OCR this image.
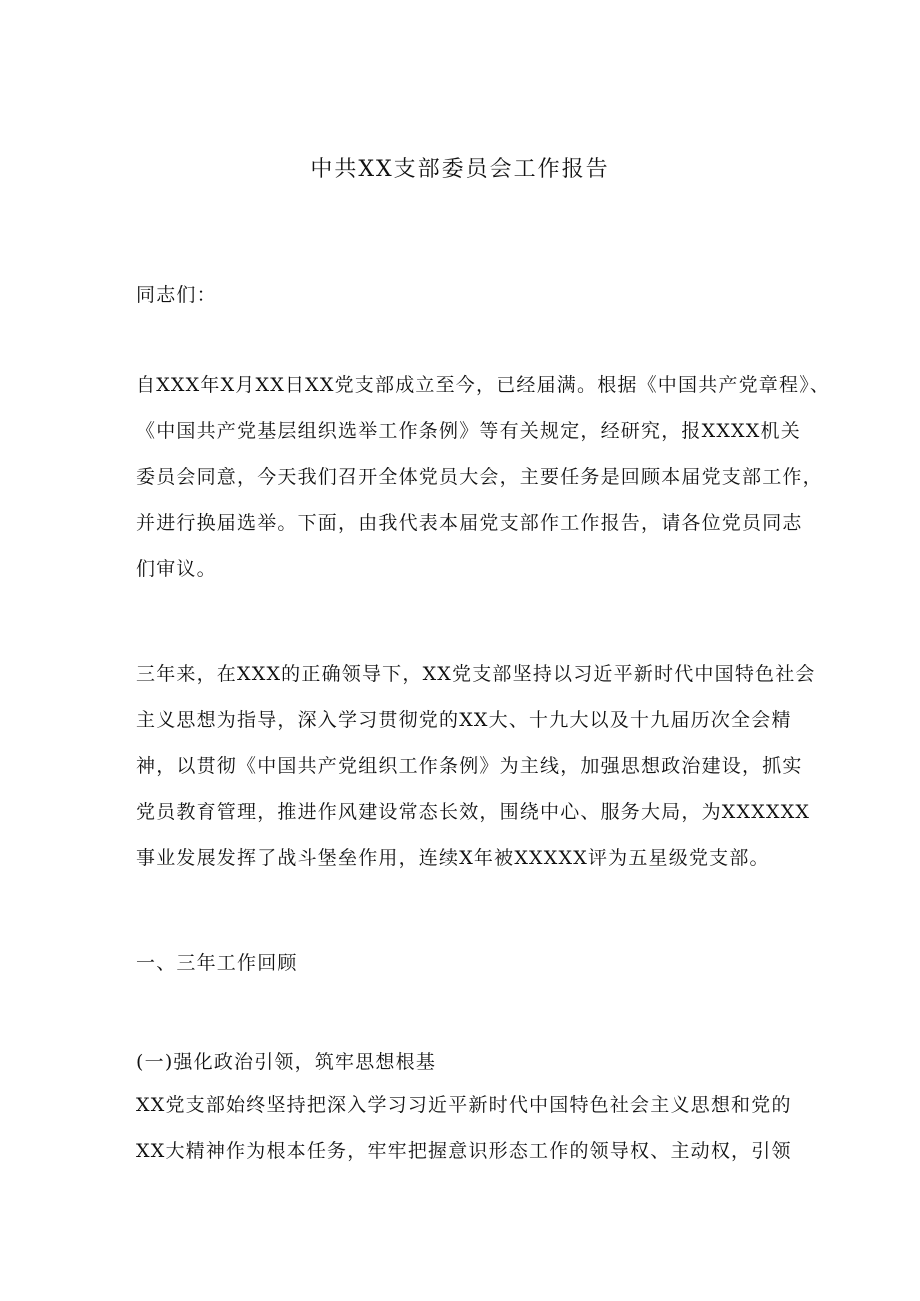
中共XX支部委员会工作报告

同志们：

自XXX年X月XX日XX党支部成立至今，已经届满。根据《中国共产党章程》、
《中国共产党基层组织选举工作条例》等有关规定，经研究，报XXXX机关
委员会同意，今天我们召开全体党员大会，主要任务是回顾本届党支部工作，
并进行换届选举。下面，由我代表本届党支部作工作报告，请各位党员同志
们审议。

三年来，在XXX的正确领导下，XX党支部坚持以习近平新时代中国特色社会
主义思想为指导，深入学习贯彻党的XX大、十九大以及十九届历次全会精
神，以贯彻《中国共产党组织工作条例》为主线，加强思想政治建设，抓实
党员教育管理，推进作风建设常态长效，围绕中心、服务大局，为XXXXXX
事业发展发挥了战斗堡垒作用，连续X年被XXXXX评为五星级党支部。

一、三年工作回顾

(一)强化政治引领，筑牢思想根基

XX党支部始终坚持把深入学习习近平新时代中国特色社会主义思想和党的
XX大精神作为根本任务，牢牢把握意识形态工作的领导权、主动权，引领
